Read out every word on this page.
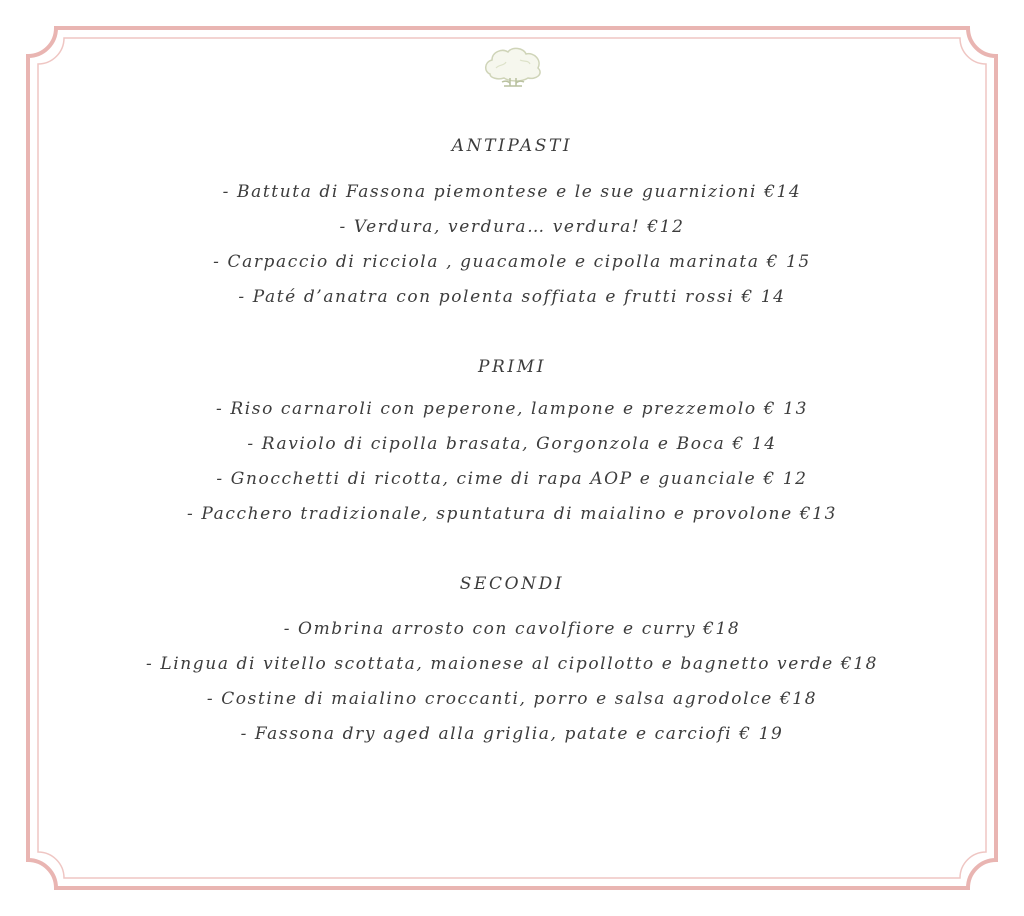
ANTIPASTI
- Battuta di Fassona piemontese e le sue guarnizioni €14
- Verdura, verdura… verdura! €12
- Carpaccio di ricciola , guacamole e cipolla marinata € 15
- Paté d’anatra con polenta soffiata e frutti rossi € 14
PRIMI
- Riso carnaroli con peperone, lampone e prezzemolo € 13
- Raviolo di cipolla brasata, Gorgonzola e Boca € 14
- Gnocchetti di ricotta, cime di rapa AOP e guanciale € 12
- Pacchero tradizionale, spuntatura di maialino e provolone €13
SECONDI
- Ombrina arrosto con cavolfiore e curry €18
- Lingua di vitello scottata, maionese al cipollotto e bagnetto verde €18
- Costine di maialino croccanti, porro e salsa agrodolce €18
- Fassona dry aged alla griglia, patate e carciofi € 19
